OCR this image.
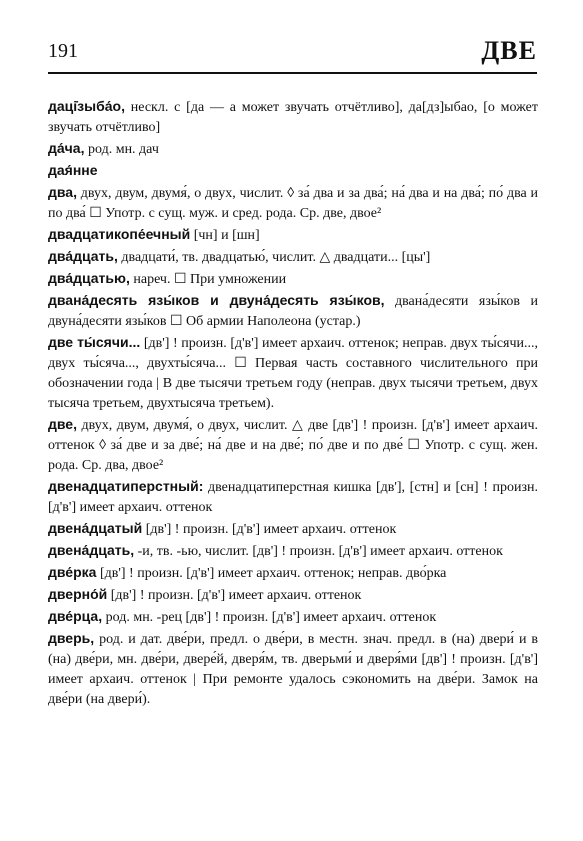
191	ДВЕ

даці̇зыба́о, нескл. с [да — а может звучать отчётливо], да[дз]ыбао, [о может звучать отчётливо]

да́ча, род. мн. дач

дая́нне

два, двух, двум, двумя́, о двух, числит. ◊ за́ два и за два́; на́ два и на два́; по́ два и по два́ ☐ Употр. с сущ. муж. и сред. рода. Ср. две, двое²

двадцатикопе́ечный [чн] и [шн]

два́дцать, двадцати́, тв. двадцатью́, числит. △ двадцати... [цы']

два́дцатью, нареч. ☐ При умножении

двана́десять язы́ков и двуна́десять язы́ков, двана́десяти язы́ков и двуна́десяти язы́ков ☐ Об армии Наполеона (устар.)

две ты́сячи... [дв'] ! произн. [д'в'] имеет архаич. оттенок; неправ. двух ты́сячи..., двух ты́сяча..., двухты́сяча... ☐ Первая часть составного числительного при обозначении года | В две тысячи третьем году (неправ. двух тысячи третьем, двух тысяча третьем, двухтысяча третьем).

две, двух, двум, двумя́, о двух, числит. △ две [дв'] ! произн. [д'в'] имеет архаич. оттенок ◊ за́ две и за две́; на́ две и на две́; по́ две и по две́ ☐ Употр. с сущ. жен. рода. Ср. два, двое²

двенадцатиперстный: двенадцатиперстная кишка [дв'], [стн] и [сн] ! произн. [д'в'] имеет архаич. оттенок

двена́дцатый [дв'] ! произн. [д'в'] имеет архаич. оттенок

двена́дцать, -и, тв. -ью, числит. [дв'] ! произн. [д'в'] имеет архаич. оттенок

две́рка [дв'] ! произн. [д'в'] имеет архаич. оттенок; неправ. дво́рка

дверно́й [дв'] ! произн. [д'в'] имеет архаич. оттенок

две́рца, род. мн. -рец [дв'] ! произн. [д'в'] имеет архаич. оттенок

дверь, род. и дат. две́ри, предл. о две́ри, в местн. знач. предл. в (на) двери́ и в (на) две́ри, мн. две́ри, двере́й, дверя́м, тв. дверьми́ и дверя́ми [дв'] ! произн. [д'в'] имеет архаич. оттенок | При ремонте удалось сэкономить на две́ри. Замок на две́ри (на двери́).
